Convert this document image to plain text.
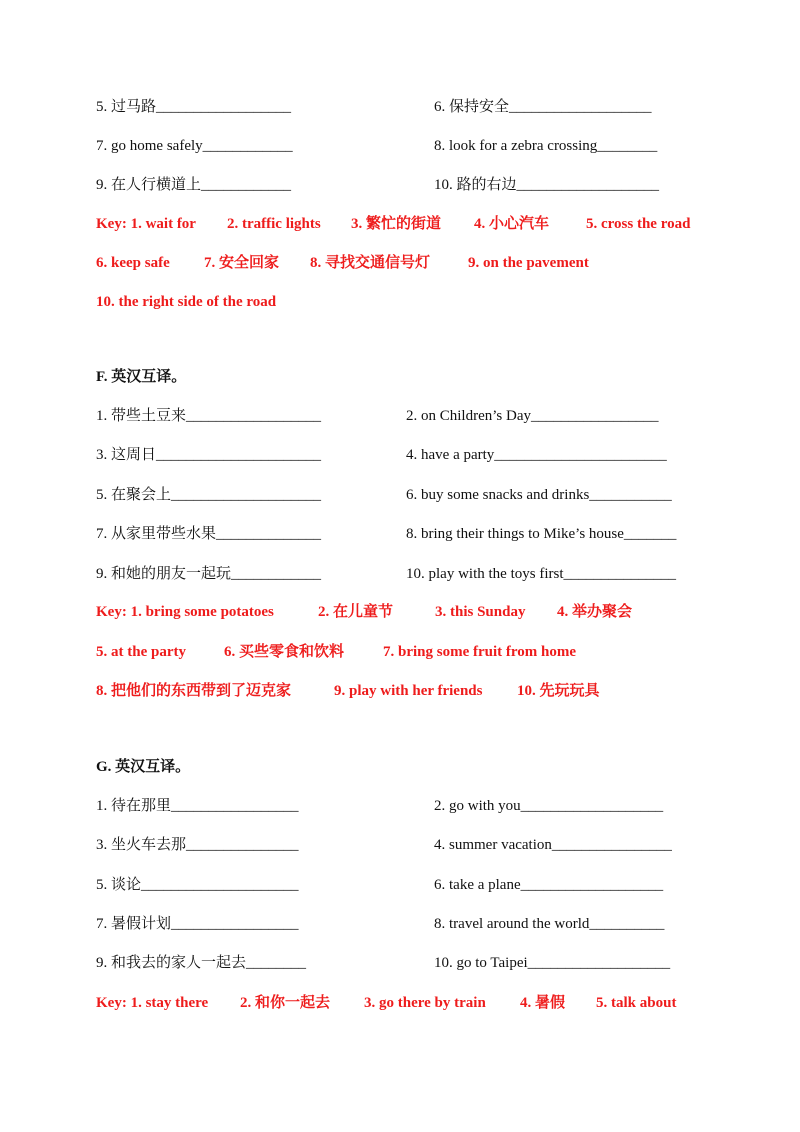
5. 过马路__________________	6. 保持安全___________________
7. go home safely____________	8. look for a zebra crossing________
9. 在人行横道上____________	10. 路的右边___________________
Key: 1. wait for 2. traffic lights 3. 繁忙的街道 4. 小心汽车 5. cross the road
6. keep safe 7. 安全回家 8. 寻找交通信号灯	9. on the pavement
10. the right side of the road
F. 英汉互译。
1. 带些土豆来__________________	2. on Children’s Day_________________
3. 这周日______________________	4. have a party_______________________
5. 在聚会上____________________	6. buy some snacks and drinks___________
7. 从家里带些水果______________	8. bring their things to Mike’s house_______
9. 和她的朋友一起玩____________	10. play with the toys first_______________
Key: 1. bring some potatoes	2. 在儿童节	3. this Sunday 4. 举办聚会
5. at the party	6. 买些零食和饮料	7. bring some fruit from home
8. 把他们的东西带到了迈克家	9. play with her friends 10. 先玩玩具
G. 英汉互译。
1. 待在那里_________________	2. go with you___________________
3. 坐火车去那_______________	4. summer vacation________________
5. 谈论_____________________	6. take a plane___________________
7. 暑假计划_________________	8. travel around the world__________
9. 和我去的家人一起去________	10. go to Taipei___________________
Key: 1. stay there 2. 和你一起去 3. go there by train 4. 暑假 5. talk about
